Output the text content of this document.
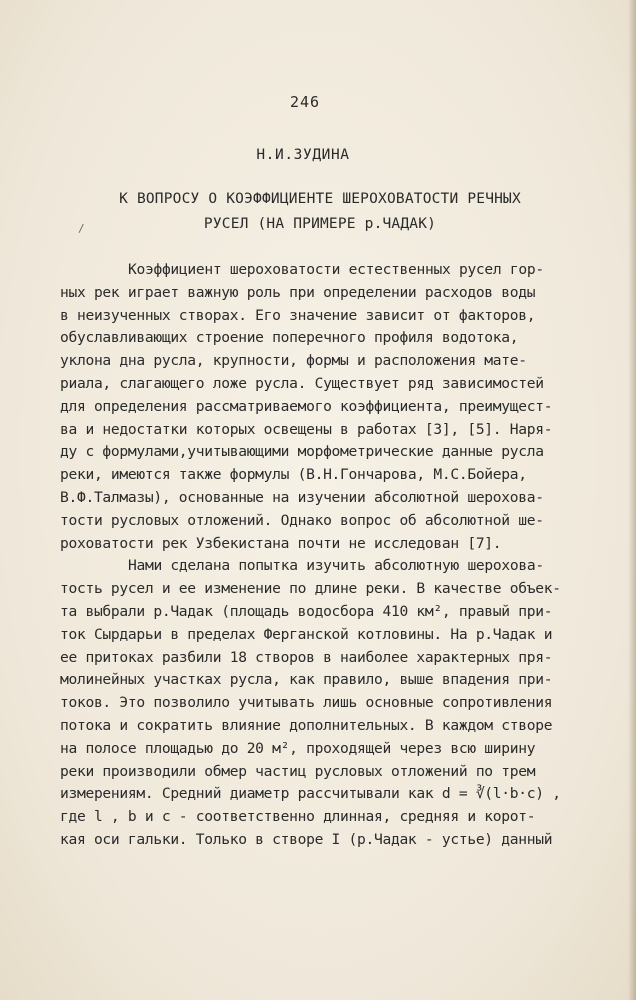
246
Н.И.ЗУДИНА
К ВОПРОСУ О КОЭФФИЦИЕНТЕ ШЕРОХОВАТОСТИ РЕЧНЫХ
РУСЕЛ (НА ПРИМЕРЕ р.ЧАДАК)
/
Коэффициент шероховатости естественных русел гор-
ных рек играет важную роль при определении расходов воды
в неизученных створах. Его значение зависит от факторов,
обуславливающих строение поперечного профиля водотока,
уклона дна русла, крупности, формы и расположения мате-
риала, слагающего ложе русла. Существует ряд зависимостей
для определения рассматриваемого коэффициента, преимущест-
ва и недостатки которых освещены в работах [3], [5]. Наря-
ду с формулами,учитывающими морфометрические данные русла
реки, имеются также формулы (В.Н.Гончарова, М.С.Бойера,
В.Ф.Талмазы), основанные на изучении абсолютной шерохова-
тости русловых отложений. Однако вопрос об абсолютной ше-
роховатости рек Узбекистана почти не исследован [7].
Нами сделана попытка изучить абсолютную шерохова-
тость русел и ее изменение по длине реки. В качестве объек-
та выбрали р.Чадак (площадь водосбора 410 км², правый при-
ток Сырдарьи в пределах Ферганской котловины. На р.Чадак и
ее притоках разбили 18 створов в наиболее характерных пря-
молинейных участках русла, как правило, выше впадения при-
токов. Это позволило учитывать лишь основные сопротивления
потока и сократить влияние дополнительных. В каждом створе
на полосе площадью до 20 м², проходящей через всю ширину
реки производили обмер частиц русловых отложений по трем
измерениям. Средний диаметр рассчитывали как d = ∛(l·b·c) ,
где l , b и c - соответственно длинная, средняя и корот-
кая оси гальки. Только в створе I (р.Чадак - устье) данный
